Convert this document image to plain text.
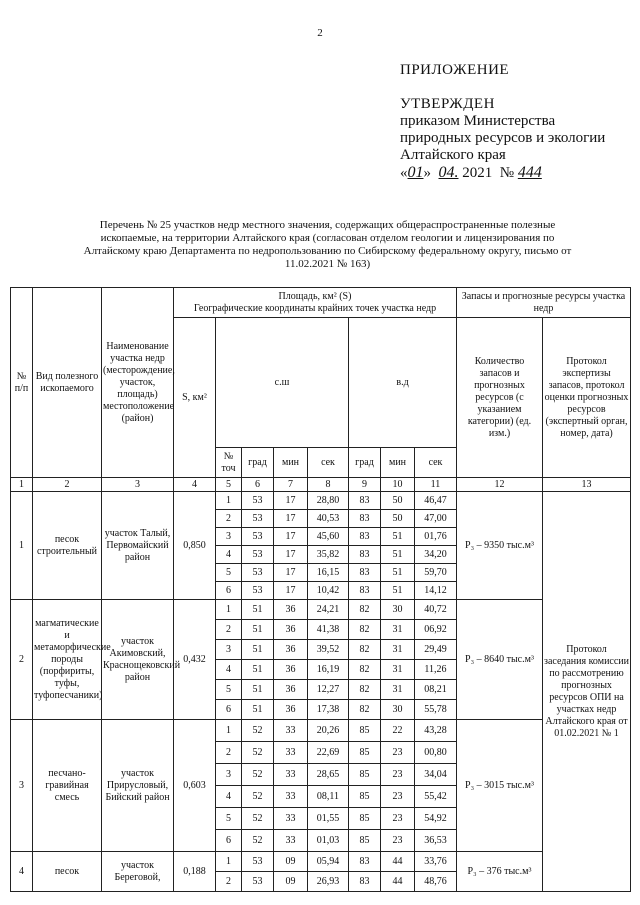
2
ПРИЛОЖЕНИЕ
УТВЕРЖДЕН
приказом Министерства природных ресурсов и экологии Алтайского края
«01» 04. 2021 № 444
Перечень № 25 участков недр местного значения, содержащих общераспространенные полезные ископаемые, на территории Алтайского края (согласован отделом геологии и лицензирования по Алтайскому краю Департамента по недропользованию по Сибирскому федеральному округу, письмо от 11.02.2021 № 163)
№ п/п	Вид полезного ископаемого	Наименование участка недр (месторождение, участок, площадь) местоположение (район)	Площадь, км² (S)
Географические координаты крайних точек участка недр								Запасы и прогнозные ресурсы участка недр	
			S, км²	с.ш				в.д			Количество запасов и прогнозных ресурсов (с указанием категории) (ед. изм.)	Протокол экспертизы запасов, протокол оценки прогнозных ресурсов (экспертный орган, номер, дата)
				№ точ	град	мин	сек	град	мин	сек		
1	2	3	4	5	6	7	8	9	10	11	12	13
1	песок строительный	участок Талый, Первомайский район	0,850	1	53	17	28,80	83	50	46,47	Р₃ – 9350 тыс.м³	Протокол заседания комиссии по рассмотрению прогнозных ресурсов ОПИ на участках недр Алтайского края от 01.02.2021 № 1
				2	53	17	40,53	83	50	47,00		
				3	53	17	45,60	83	51	01,76		
				4	53	17	35,82	83	51	34,20		
				5	53	17	16,15	83	51	59,70		
				6	53	17	10,42	83	51	14,12		
2	магматические и метаморфические породы (порфириты, туфы, туфопесчаники)	участок Акимовский, Краснощековский район	0,432	1	51	36	24,21	82	30	40,72	Р₃ – 8640 тыс.м³	
				2	51	36	41,38	82	31	06,92		
				3	51	36	39,52	82	31	29,49		
				4	51	36	16,19	82	31	11,26		
				5	51	36	12,27	82	31	08,21		
				6	51	36	17,38	82	30	55,78		
3	песчано-гравийная смесь	участок Прирусловый, Бийский район	0,603	1	52	33	20,26	85	22	43,28	Р₃ – 3015 тыс.м³	
				2	52	33	22,69	85	23	00,80		
				3	52	33	28,65	85	23	34,04		
				4	52	33	08,11	85	23	55,42		
				5	52	33	01,55	85	23	54,92		
				6	52	33	01,03	85	23	36,53		
4	песок	участок Береговой,	0,188	1	53	09	05,94	83	44	33,76	Р₃ – 376 тыс.м³	
				2	53	09	26,93	83	44	48,76		
